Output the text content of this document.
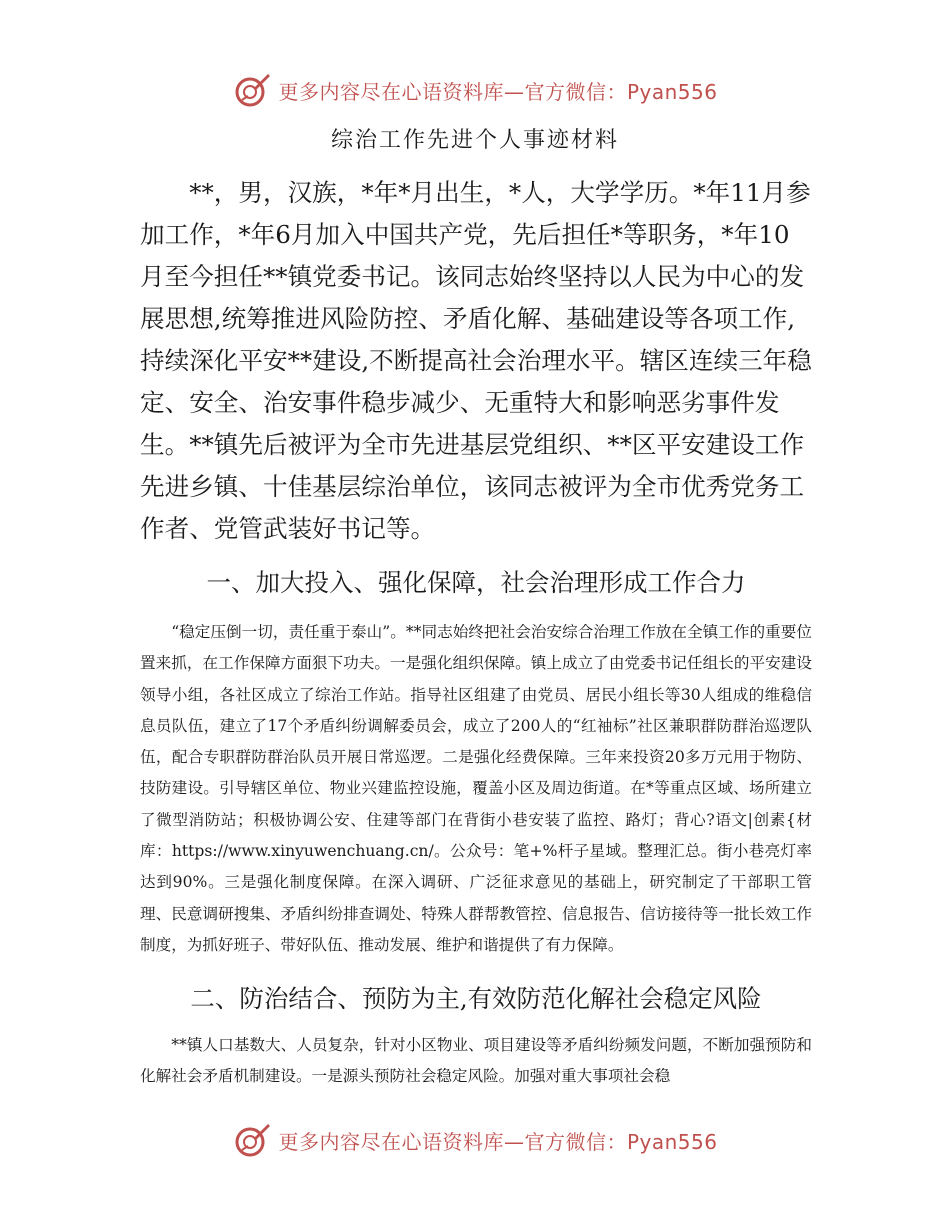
更多内容尽在心语资料库—官方微信：Pyan556
综治工作先进个人事迹材料

**，男，汉族，*年*月出生，*人，大学学历。*年11月参加工作，*年6月加入中国共产党，先后担任*等职务，*年10月至今担任**镇党委书记。该同志始终坚持以人民为中心的发展思想,统筹推进风险防控、矛盾化解、基础建设等各项工作,持续深化平安**建设,不断提高社会治理水平。辖区连续三年稳定、安全、治安事件稳步减少、无重特大和影响恶劣事件发生。**镇先后被评为全市先进基层党组织、**区平安建设工作先进乡镇、十佳基层综治单位，该同志被评为全市优秀党务工作者、党管武装好书记等。

一、加大投入、强化保障，社会治理形成工作合力

“稳定压倒一切，责任重于泰山”。**同志始终把社会治安综合治理工作放在全镇工作的重要位置来抓，在工作保障方面狠下功夫。一是强化组织保障。镇上成立了由党委书记任组长的平安建设领导小组，各社区成立了综治工作站。指导社区组建了由党员、居民小组长等30人组成的维稳信息员队伍，建立了17个矛盾纠纷调解委员会，成立了200人的“红袖标”社区兼职群防群治巡逻队伍，配合专职群防群治队员开展日常巡逻。二是强化经费保障。三年来投资20多万元用于物防、技防建设。引导辖区单位、物业兴建监控设施，覆盖小区及周边街道。在*等重点区域、场所建立了微型消防站；积极协调公安、住建等部门在背街小巷安装了监控、路灯；背心?语文|创素{材库：https://www.xinyuwenchuang.cn/。公众号：笔+%杆子星域。整理汇总。街小巷亮灯率达到90%。三是强化制度保障。在深入调研、广泛征求意见的基础上，研究制定了干部职工管理、民意调研搜集、矛盾纠纷排查调处、特殊人群帮教管控、信息报告、信访接待等一批长效工作制度，为抓好班子、带好队伍、推动发展、维护和谐提供了有力保障。

二、防治结合、预防为主,有效防范化解社会稳定风险

**镇人口基数大、人员复杂，针对小区物业、项目建设等矛盾纠纷频发问题，不断加强预防和化解社会矛盾机制建设。一是源头预防社会稳定风险。加强对重大事项社会稳

更多内容尽在心语资料库—官方微信：Pyan556
